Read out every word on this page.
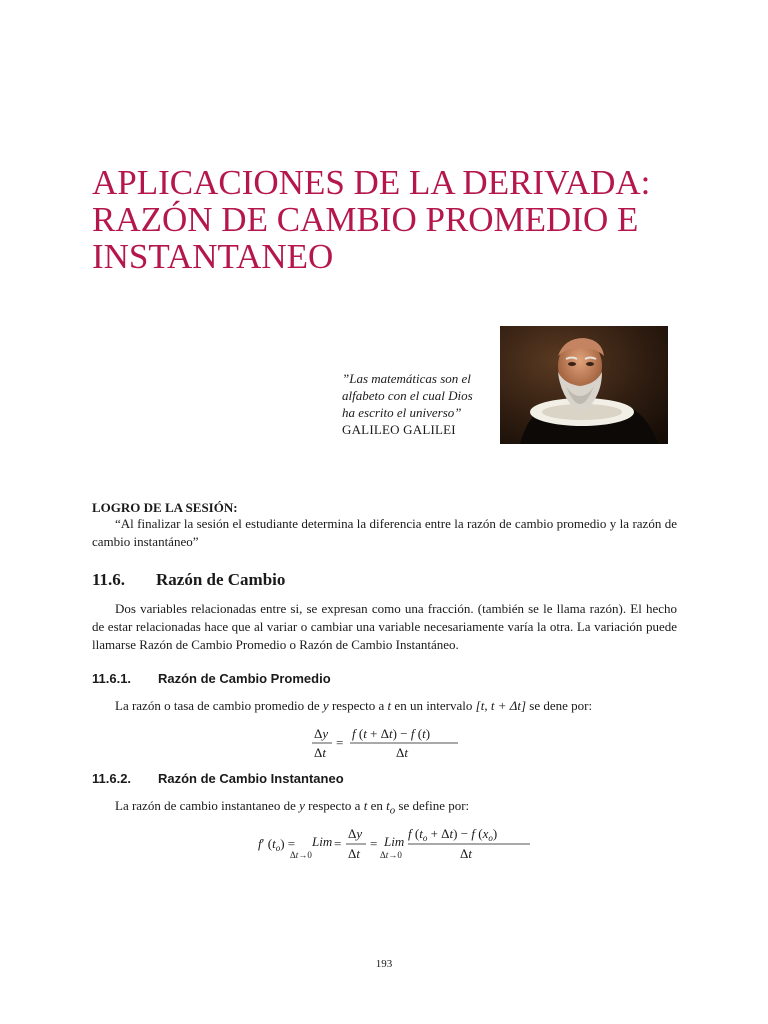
APLICACIONES DE LA DERIVADA:
RAZÓN DE CAMBIO PROMEDIO E
INSTANTANEO
”Las matemáticas son el
alfabeto con el cual Dios
ha escrito el universo”
GALILEO GALILEI
LOGRO DE LA SESIÓN:
“Al finalizar la sesión el estudiante determina la diferencia entre la razón de cambio promedio y la razón de cambio instantáneo”
11.6. Razón de Cambio
Dos variables relacionadas entre si, se expresan como una fracción. (también se le llama razón). El hecho de estar relacionadas hace que al variar o cambiar una variable necesariamente varía la otra. La variación puede llamarse Razón de Cambio Promedio o Razón de Cambio Instantáneo.
11.6.1. Razón de Cambio Promedio
La razón o tasa de cambio promedio de y respecto a t en un intervalo [t, t + Δt] se dene por:
Δy
Δt
=
f (t + Δt) − f (t)
Δt
11.6.2. Razón de Cambio Instantaneo
La razón de cambio instantaneo de y respecto a t en $t_o$ se define por:
f′ $(t_o)$ = Lim
Δt→0
=
Δy
Δt
= Lim
Δt→0
f $(t_o + \Delta t) - f$ $(x_o)$
Δt
193
